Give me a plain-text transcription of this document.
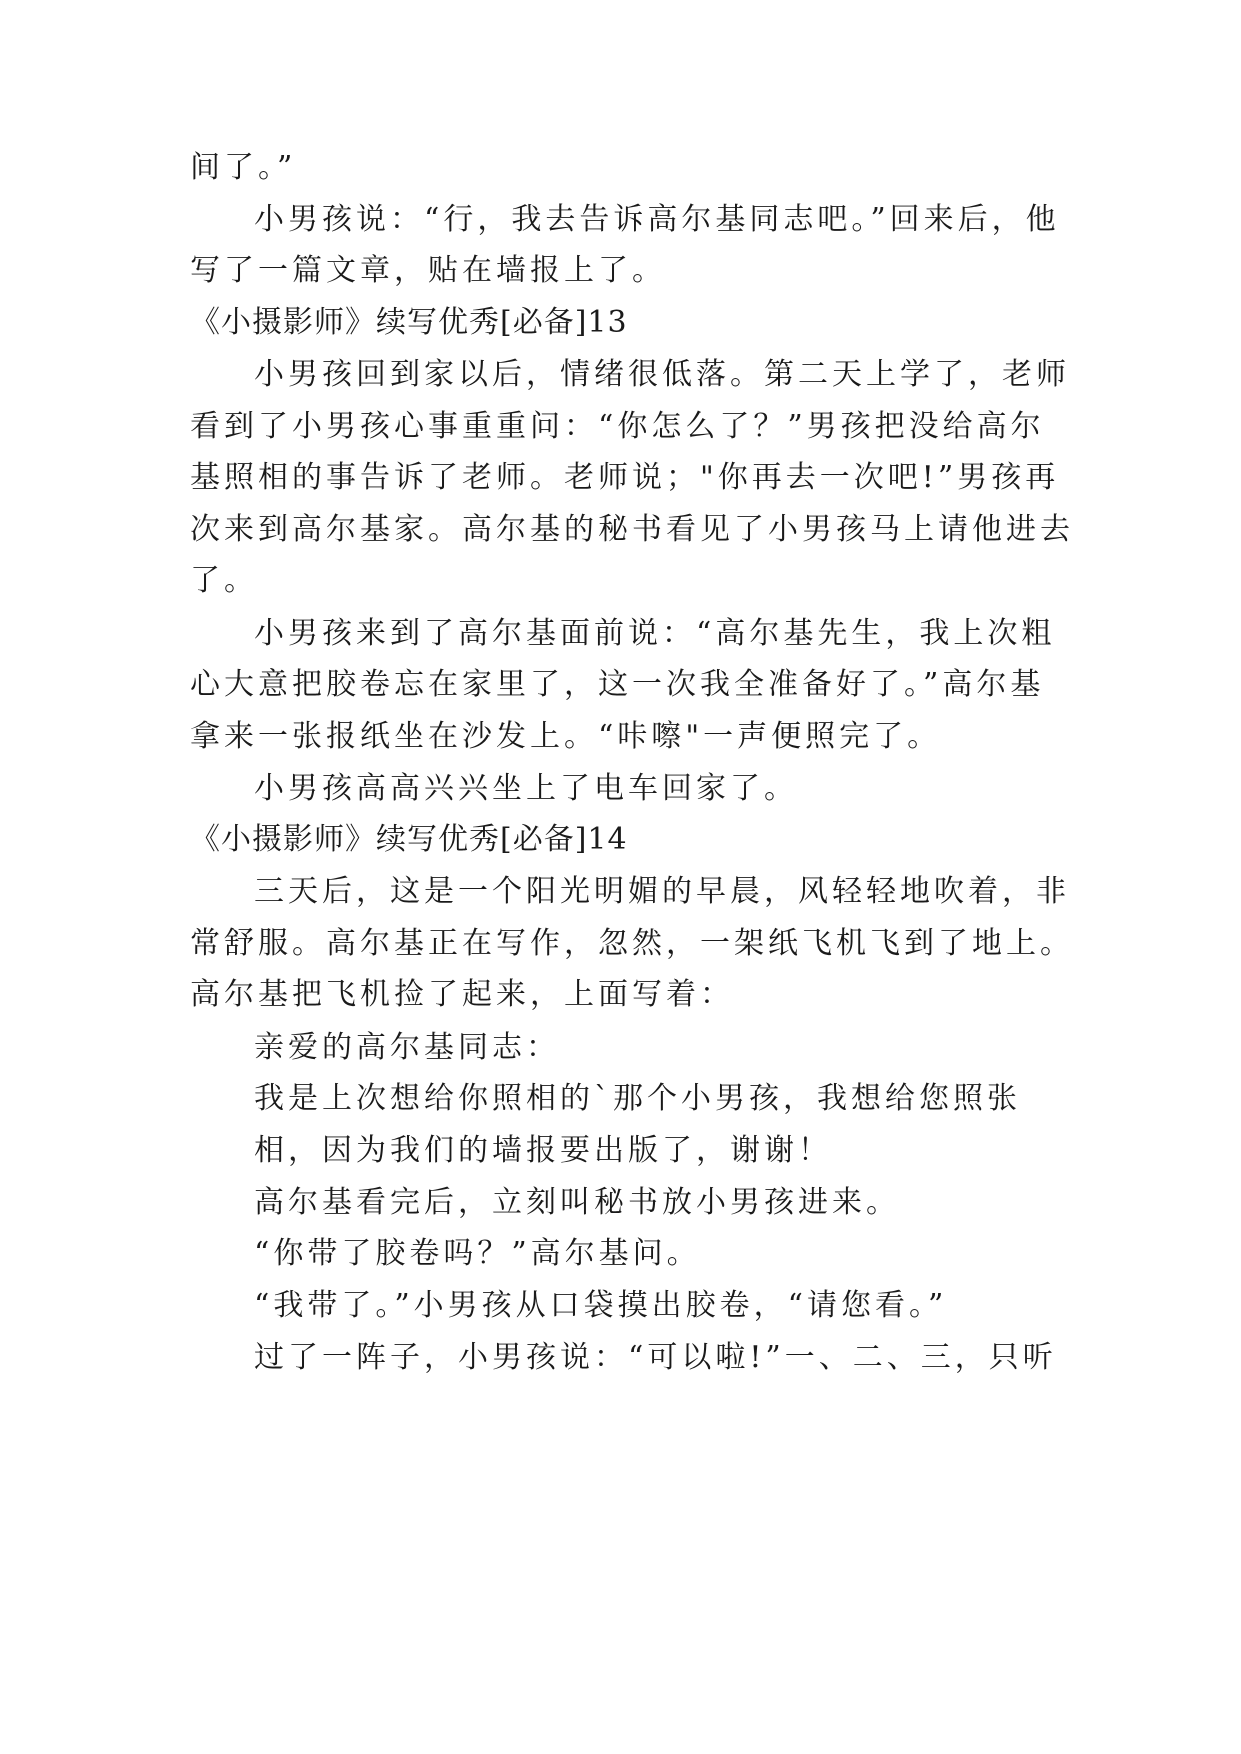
间了。”
小男孩说：“行，我去告诉高尔基同志吧。”回来后，他
写了一篇文章，贴在墙报上了。
《小摄影师》续写优秀[必备]13
小男孩回到家以后，情绪很低落。第二天上学了，老师
看到了小男孩心事重重问：“你怎么了？”男孩把没给高尔
基照相的事告诉了老师。老师说；"你再去一次吧!”男孩再
次来到高尔基家。高尔基的秘书看见了小男孩马上请他进去
了。
小男孩来到了高尔基面前说：“高尔基先生，我上次粗
心大意把胶卷忘在家里了，这一次我全准备好了。”高尔基
拿来一张报纸坐在沙发上。“咔嚓"一声便照完了。
小男孩高高兴兴坐上了电车回家了。
《小摄影师》续写优秀[必备]14
三天后，这是一个阳光明媚的早晨，风轻轻地吹着，非
常舒服。高尔基正在写作，忽然，一架纸飞机飞到了地上。
高尔基把飞机捡了起来，上面写着：
亲爱的高尔基同志：
我是上次想给你照相的`那个小男孩，我想给您照张
相，因为我们的墙报要出版了，谢谢！
高尔基看完后，立刻叫秘书放小男孩进来。
“你带了胶卷吗？”高尔基问。
“我带了。”小男孩从口袋摸出胶卷，“请您看。”
过了一阵子，小男孩说：“可以啦!”一、二、三，只听
